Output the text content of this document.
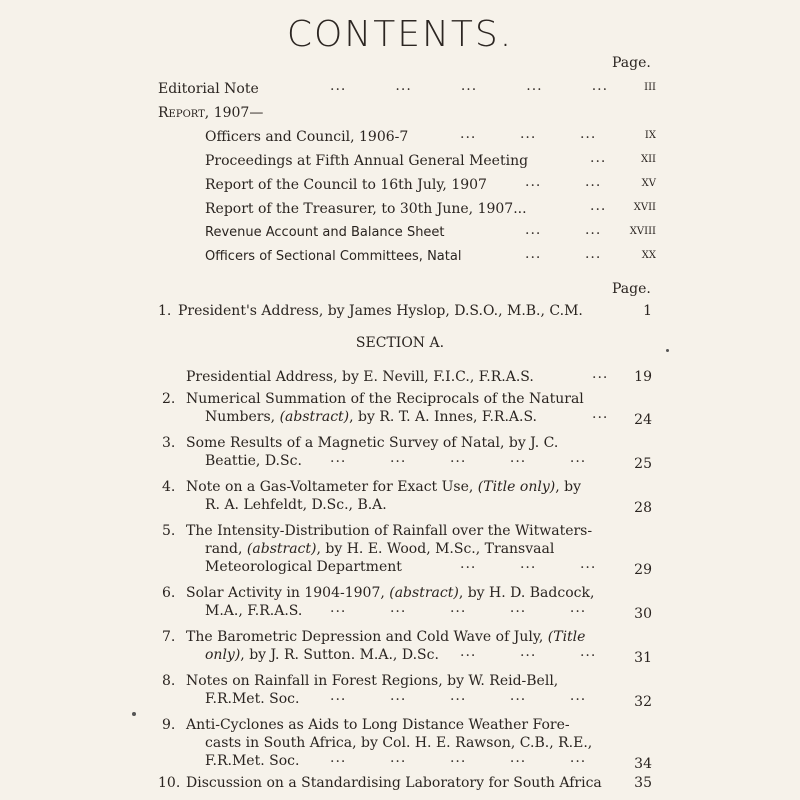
CONTENTS.
Page.
Editorial Note	...	...	...	...	...	iii
Report, 1907—
Officers and Council, 1906-7	...	...	...	ix
Proceedings at Fifth Annual General Meeting	...	xii
Report of the Council to 16th July, 1907	...	...	xv
Report of the Treasurer, to 30th June, 1907...	...	xvii
Revenue Account and Balance Sheet	...	...	xviii
Officers of Sectional Committees, Natal	...	...	xx
Page.
1. President's Address, by James Hyslop, D.S.O., M.B., C.M.	1
SECTION A.
Presidential Address, by E. Nevill, F.I.C., F.R.A.S.	...	19
2. Numerical Summation of the Reciprocals of the Natural
Numbers, (abstract), by R. T. A. Innes, F.R.A.S.	...	24
3. Some Results of a Magnetic Survey of Natal, by J. C.
Beattie, D.Sc. ...	...	...	...	...	25
4. Note on a Gas-Voltameter for Exact Use, (Title only), by
R. A. Lehfeldt, D.Sc., B.A.	28
5. The Intensity-Distribution of Rainfall over the Witwaters-
rand, (abstract), by H. E. Wood, M.Sc., Transvaal
Meteorological Department	...	...	...	29
6. Solar Activity in 1904-1907, (abstract), by H. D. Badcock,
M.A., F.R.A.S. ...	...	...	...	...	30
7. The Barometric Depression and Cold Wave of July, (Title
only), by J. R. Sutton. M.A., D.Sc. ...	...	...	31
8. Notes on Rainfall in Forest Regions, by W. Reid-Bell,
F.R.Met. Soc. ...	...	...	...	...	32
9. Anti-Cyclones as Aids to Long Distance Weather Fore-
casts in South Africa, by Col. H. E. Rawson, C.B., R.E.,
F.R.Met. Soc. ...	...	...	...	...	34
10. Discussion on a Standardising Laboratory for South Africa	35
